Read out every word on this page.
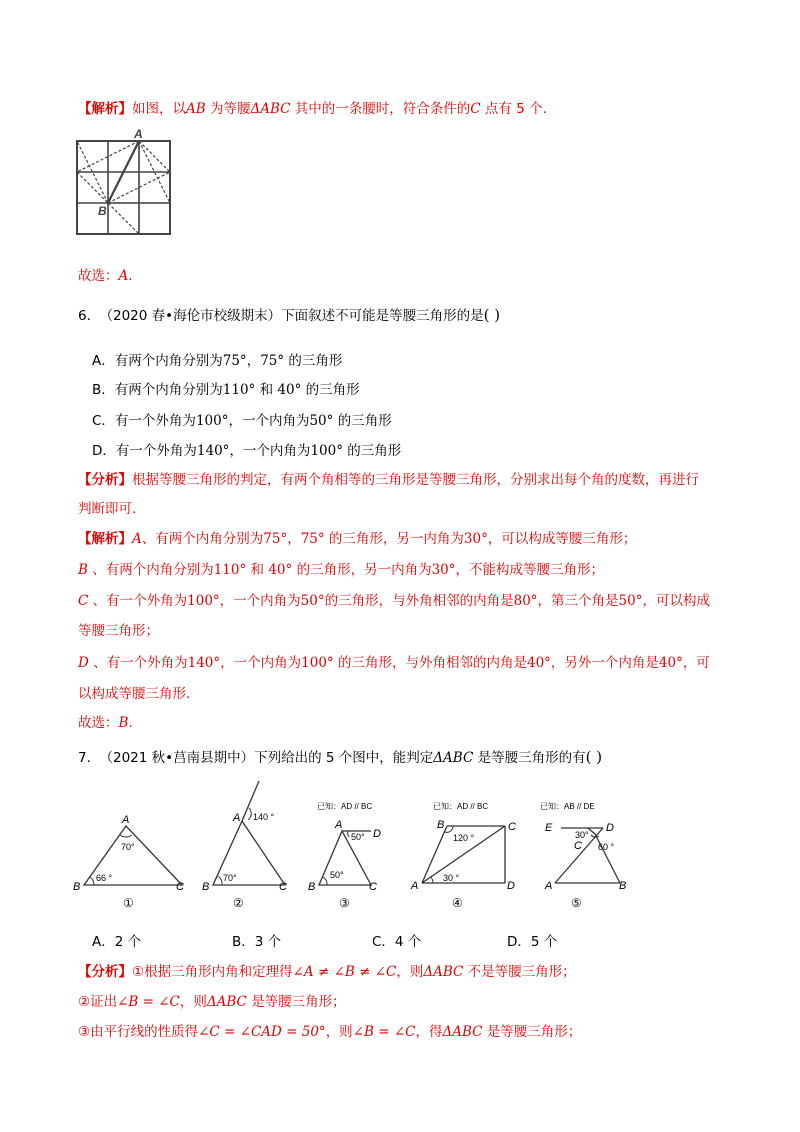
【解析】如图，以AB 为等腰ΔABC 其中的一条腰时，符合条件的C 点有 5 个.
A
B
故选：A.
6. （2020 春•海伦市校级期末）下面叙述不可能是等腰三角形的是( )
A．有两个内角分别为75°，75° 的三角形
B．有两个内角分别为110° 和 40° 的三角形
C．有一个外角为100°，一个内角为50° 的三角形
D．有一个外角为140°，一个内角为100° 的三角形
【分析】根据等腰三角形的判定，有两个角相等的三角形是等腰三角形，分别求出每个角的度数，再进行
判断即可.
【解析】A、有两个内角分别为75°，75° 的三角形，另一内角为30°，可以构成等腰三角形；
B 、有两个内角分别为110° 和 40° 的三角形，另一内角为30°，不能构成等腰三角形；
C 、有一个外角为100°，一个内角为50°的三角形，与外角相邻的内角是80°，第三个角是50°，可以构成
等腰三角形；
D 、有一个外角为140°，一个内角为100° 的三角形，与外角相邻的内角是40°，另外一个内角是40°，可
以构成等腰三角形.
故选：B.
7. （2021 秋•莒南县期中）下列给出的 5 个图中，能判定ΔABC 是等腰三角形的有( )
A
B	C
70°
66 °
①
A
B	C
140 °
70°
②
已知：AD // BC
A
D
B	C
50°
50°
③
已知：AD // BC
B	C
A	D
120 °
30 °
④
已知：AB // DE
E	D
C
A	B
30°
60 °
⑤
A．2 个	B．3 个	C．4 个	D．5 个
【分析】①根据三角形内角和定理得∠A ≠ ∠B ≠ ∠C，则ΔABC 不是等腰三角形；
②证出∠B = ∠C，则ΔABC 是等腰三角形；
③由平行线的性质得∠C = ∠CAD = 50°，则∠B = ∠C，得ΔABC 是等腰三角形；
